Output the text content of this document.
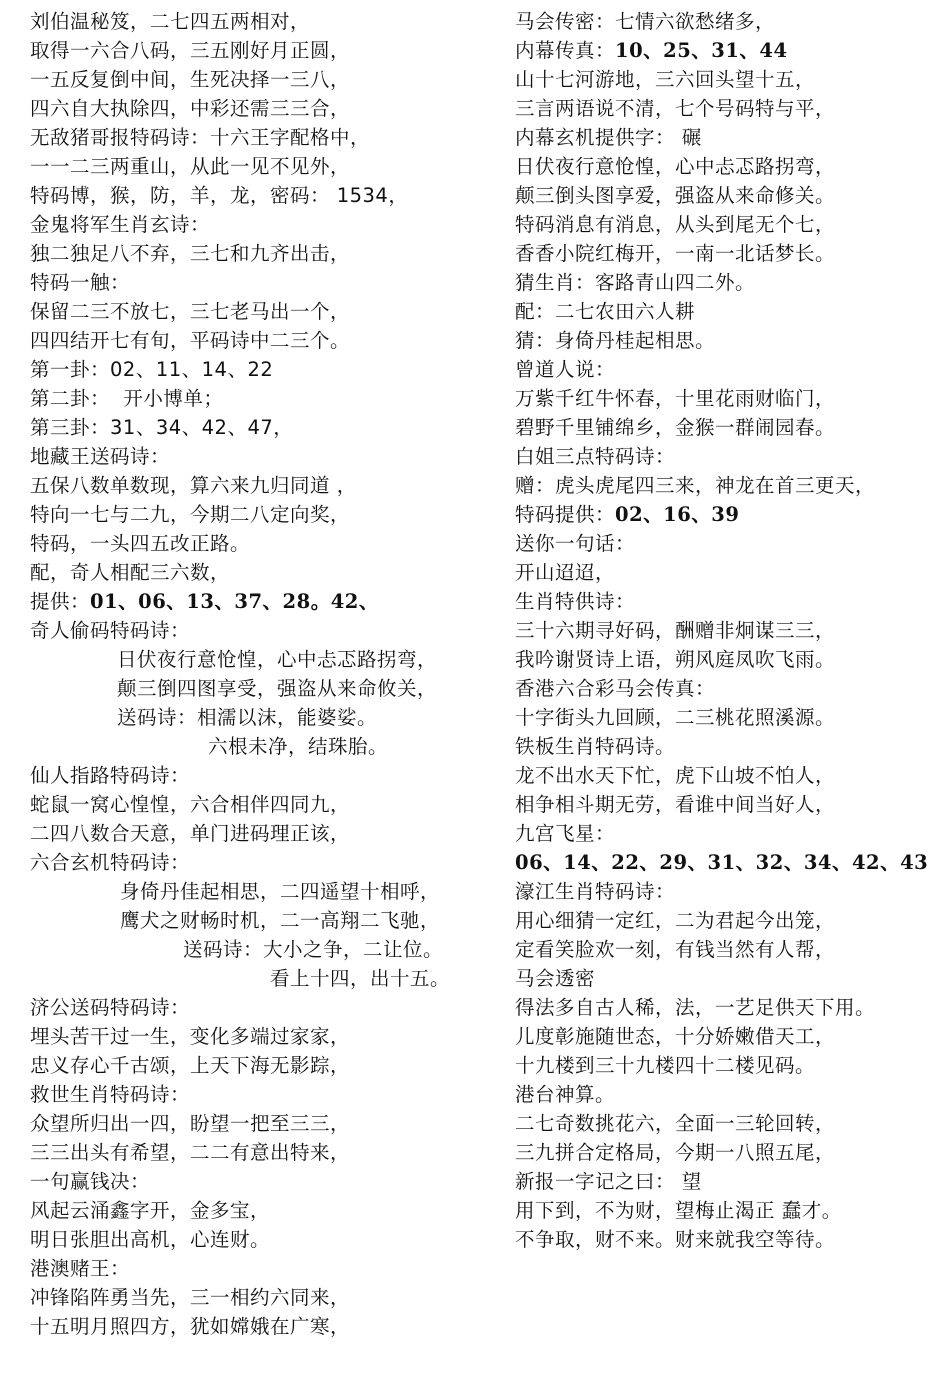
刘伯温秘笈，二七四五两相对，
取得一六合八码，三五刚好月正圆，
一五反复倒中间，生死决择一三八，
四六自大执除四，中彩还需三三合，
无敌猪哥报特码诗：十六王字配格中，
一一二三两重山，从此一见不见外，
特码博，猴，防，羊，龙，密码： 1534，
金鬼将军生肖玄诗：
独二独足八不弃，三七和九齐出击，
特码一触：
保留二三不放七，三七老马出一个，
四四结开七有旬，平码诗中二三个。
第一卦：02、11、14、22
第二卦：  开小博单；
第三卦：31、34、42、47，
地藏王送码诗：
五保八数单数现，算六来九归同道 ，
特向一七与二九，今期二八定向奖，
特码，一头四五改正路。
配，奇人相配三六数，
提供：01、06、13、37、28。42、
奇人偷码特码诗：
日伏夜行意怆惶，心中忐忑路拐弯，
颠三倒四图享受，强盗从来命攸关，
送码诗：相濡以沫，能婆娑。
六根未净，结珠胎。
仙人指路特码诗：
蛇鼠一窝心惶惶，六合相伴四同九，
二四八数合天意，单门进码理正该，
六合玄机特码诗：
身倚丹佳起相思，二四遥望十相呼，
鹰犬之财畅时机，二一高翔二飞驰，
送码诗：大小之争，二让位。
看上十四，出十五。
济公送码特码诗：
埋头苦干过一生，变化多端过家家，
忠义存心千古颂，上天下海无影踪，
救世生肖特码诗：
众望所归出一四，盼望一把至三三，
三三出头有希望，二二有意出特来，
一句赢钱决：
风起云涌鑫字开，金多宝，
明日张胆出高机，心连财。
港澳赌王：
冲锋陷阵勇当先，三一相约六同来，
十五明月照四方，犹如嫦娥在广寒，
马会传密：七情六欲愁绪多，
内幕传真：10、25、31、44
山十七河游地，三六回头望十五，
三言两语说不清，七个号码特与平，
内幕玄机提供字： 碾
日伏夜行意怆惶，心中忐忑路拐弯，
颠三倒头图享爱，强盗从来命修关。
特码消息有消息，从头到尾无个七，
香香小院红梅开，一南一北话梦长。
猜生肖：客路青山四二外。
配：二七农田六人耕
猜：身倚丹桂起相思。
曾道人说：
万紫千红牛怀春，十里花雨财临门，
碧野千里铺绵乡，金猴一群闹园春。
白姐三点特码诗：
赠：虎头虎尾四三来，神龙在首三更天，
特码提供：02、16、39
送你一句话：
开山迢迢，
生肖特供诗：
三十六期寻好码，酬赠非炯谋三三，
我吟谢贤诗上语，朔风庭凤吹飞雨。
香港六合彩马会传真：
十字街头九回顾，二三桃花照溪源。
铁板生肖特码诗。
龙不出水天下忙，虎下山坡不怕人，
相争相斗期无劳，看谁中间当好人，
九宫飞星：
06、14、22、29、31、32、34、42、43
濠江生肖特码诗：
用心细猜一定红，二为君起今出笼，
定看笑脸欢一刻，有钱当然有人帮，
马会透密
得法多自古人稀，法，一艺足供天下用。
儿度彰施随世态，十分娇嫩借天工，
十九楼到三十九楼四十二楼见码。
港台神算。
二七奇数挑花六，全面一三轮回转，
三九拼合定格局，今期一八照五尾，
新报一字记之曰： 望
用下到，不为财，望梅止渴正 蠢才。
不争取，财不来。财来就我空等待。
